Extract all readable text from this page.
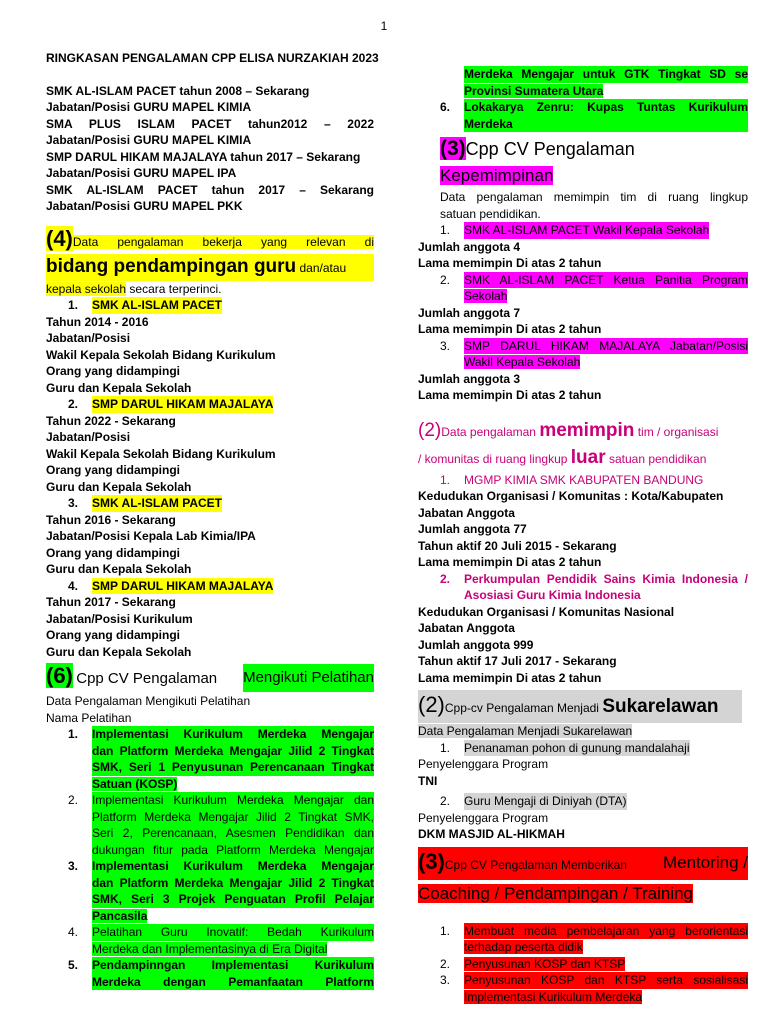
1

RINGKASAN PENGALAMAN CPP ELISA NURZAKIAH 2023

SMK AL-ISLAM PACET tahun 2008 – Sekarang

Jabatan/Posisi GURU MAPEL KIMIA

SMA PLUS ISLAM PACET tahun2012 – 2022

Jabatan/Posisi GURU MAPEL KIMIA

SMP DARUL HIKAM MAJALAYA tahun 2017 – Sekarang

Jabatan/Posisi GURU MAPEL IPA

SMK AL-ISLAM PACET tahun 2017 – Sekarang

Jabatan/Posisi GURU MAPEL PKK

(4)Data pengalaman bekerja yang relevan di
bidang pendampingan guru dan/atau

kepala sekolah secara terperinci.

1.	SMK AL-ISLAM PACET

Tahun 2014 - 2016

Jabatan/Posisi

Wakil Kepala Sekolah Bidang Kurikulum

Orang yang didampingi

Guru dan Kepala Sekolah

2.	SMP DARUL HIKAM MAJALAYA

Tahun 2022 - Sekarang

Jabatan/Posisi

Wakil Kepala Sekolah Bidang Kurikulum

Orang yang didampingi

Guru dan Kepala Sekolah

3.	SMK AL-ISLAM PACET

Tahun 2016 - Sekarang

Jabatan/Posisi Kepala Lab Kimia/IPA

Orang yang didampingi

Guru dan Kepala Sekolah

4.	SMP DARUL HIKAM MAJALAYA

Tahun 2017 - Sekarang

Jabatan/Posisi Kurikulum

Orang yang didampingi

Guru dan Kepala Sekolah

(6) Cpp CV Pengalaman Mengikuti Pelatihan

Data Pengalaman Mengikuti Pelatihan

Nama Pelatihan

1.	Implementasi Kurikulum Merdeka Mengajar
dan Platform Merdeka Mengajar Jilid 2 Tingkat
SMK, Seri 1 Penyusunan Perencanaan Tingkat
Satuan (KOSP)
2.	Implementasi Kurikulum Merdeka Mengajar dan
Platform Merdeka Mengajar Jilid 2 Tingkat SMK,
Seri 2, Perencanaan, Asesmen Pendidikan dan
dukungan fitur pada Platform Merdeka Mengajar
3.	Implementasi Kurikulum Merdeka Mengajar
dan Platform Merdeka Mengajar Jilid 2 Tingkat
SMK, Seri 3 Projek Penguatan Profil Pelajar
Pancasila
4.	Pelatihan Guru Inovatif: Bedah Kurikulum
Merdeka dan Implementasinya di Era Digital
5.	Pendampinngan Implementasi Kurikulum
Merdeka dengan Pemanfaatan Platform
Merdeka Mengajar untuk GTK Tingkat SD se
Provinsi Sumatera Utara
6.	Lokakarya Zenru: Kupas Tuntas Kurikulum
Merdeka
(3)Cpp CV Pengalaman
Kepemimpinan

Data pengalaman memimpin tim di ruang lingkup

satuan pendidikan.

1.	SMK AL-ISLAM PACET Wakil Kepala Sekolah

Jumlah anggota 4

Lama memimpin Di atas 2 tahun

2.	SMK AL-ISLAM PACET Ketua Panitia Program
Sekolah

Jumlah anggota 7

Lama memimpin Di atas 2 tahun

3.	SMP DARUL HIKAM MAJALAYA Jabatan/Posisi
Wakil Kepala Sekolah

Jumlah anggota 3

Lama memimpin Di atas 2 tahun

(2)Data pengalaman memimpin tim / organisasi
/ komunitas di ruang lingkup luar satuan pendidikan
1.	MGMP KIMIA SMK KABUPATEN BANDUNG

Kedudukan Organisasi / Komunitas : Kota/Kabupaten

Jabatan Anggota

Jumlah anggota 77

Tahun aktif 20 Juli 2015 - Sekarang

Lama memimpin Di atas 2 tahun

2.	Perkumpulan Pendidik Sains Kimia Indonesia /
Asosiasi Guru Kimia Indonesia

Kedudukan Organisasi / Komunitas Nasional

Jabatan Anggota

Jumlah anggota 999

Tahun aktif 17 Juli 2017 - Sekarang

Lama memimpin Di atas 2 tahun

(2)Cpp-cv Pengalaman Menjadi Sukarelawan

Data Pengalaman Menjadi Sukarelawan

1.	Penanaman pohon di gunung mandalahaji

Penyelenggara Program

TNI

2.	Guru Mengaji di Diniyah (DTA)

Penyelenggara Program

DKM MASJID AL-HIKMAH

(3)Cpp CV Pengalaman Memberikan Mentoring /
Coaching / Pendampingan / Training
1.	Membuat media pembelajaran yang berorientasi
terhadap peserta didik
2.	Penyusunan KOSP dan KTSP
3.	Penyusunan KOSP dan KTSP serta sosialisasi
Implementasi Kurikulum Merdeka
